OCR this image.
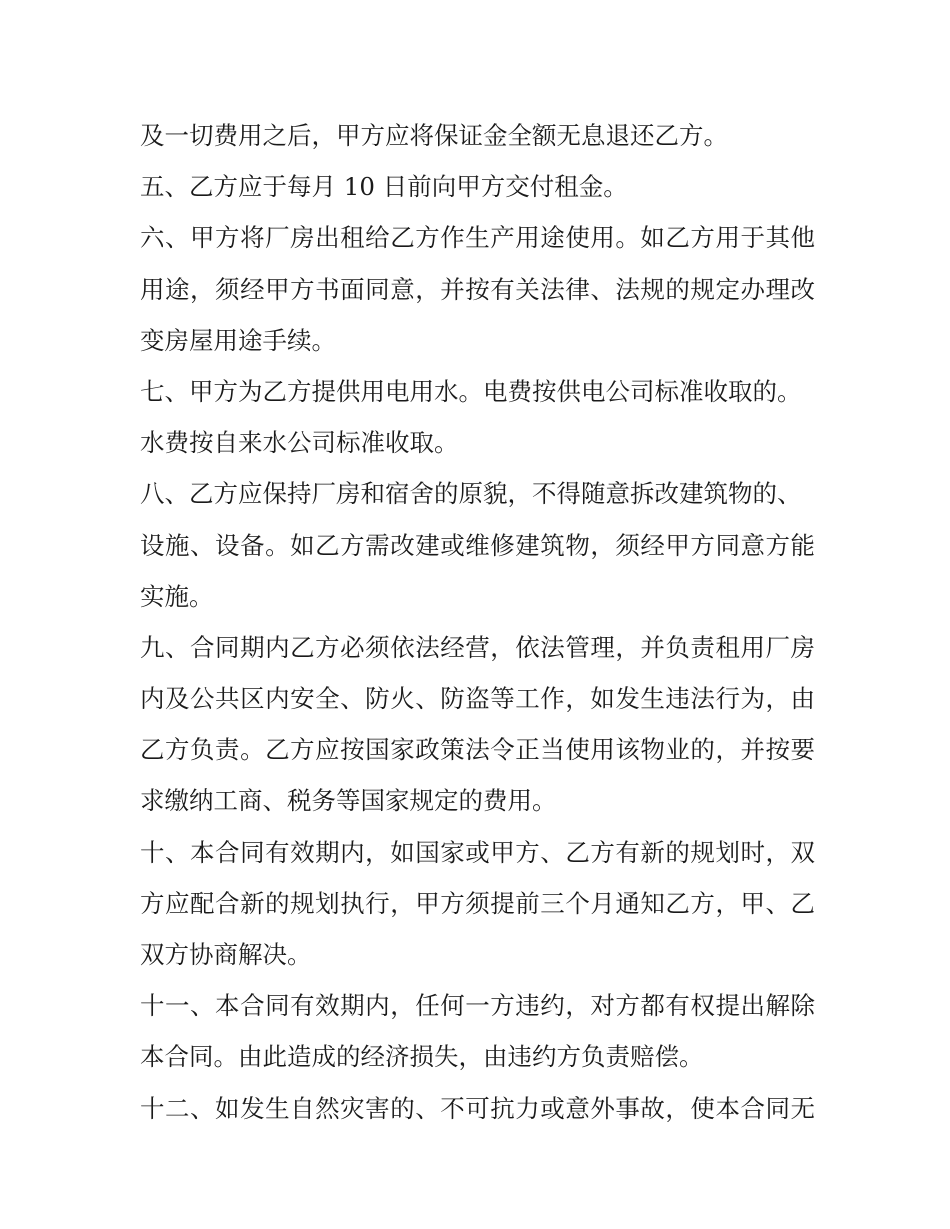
及一切费用之后，甲方应将保证金全额无息退还乙方。
五、乙方应于每月 10 日前向甲方交付租金。
六、甲方将厂房出租给乙方作生产用途使用。如乙方用于其他
用途，须经甲方书面同意，并按有关法律、法规的规定办理改
变房屋用途手续。
七、甲方为乙方提供用电用水。电费按供电公司标准收取的。
水费按自来水公司标准收取。
八、乙方应保持厂房和宿舍的原貌，不得随意拆改建筑物的、
设施、设备。如乙方需改建或维修建筑物，须经甲方同意方能
实施。
九、合同期内乙方必须依法经营，依法管理，并负责租用厂房
内及公共区内安全、防火、防盗等工作，如发生违法行为，由
乙方负责。乙方应按国家政策法令正当使用该物业的，并按要
求缴纳工商、税务等国家规定的费用。
十、本合同有效期内，如国家或甲方、乙方有新的规划时，双
方应配合新的规划执行，甲方须提前三个月通知乙方，甲、乙
双方协商解决。
十一、本合同有效期内，任何一方违约，对方都有权提出解除
本合同。由此造成的经济损失，由违约方负责赔偿。
十二、如发生自然灾害的、不可抗力或意外事故，使本合同无
